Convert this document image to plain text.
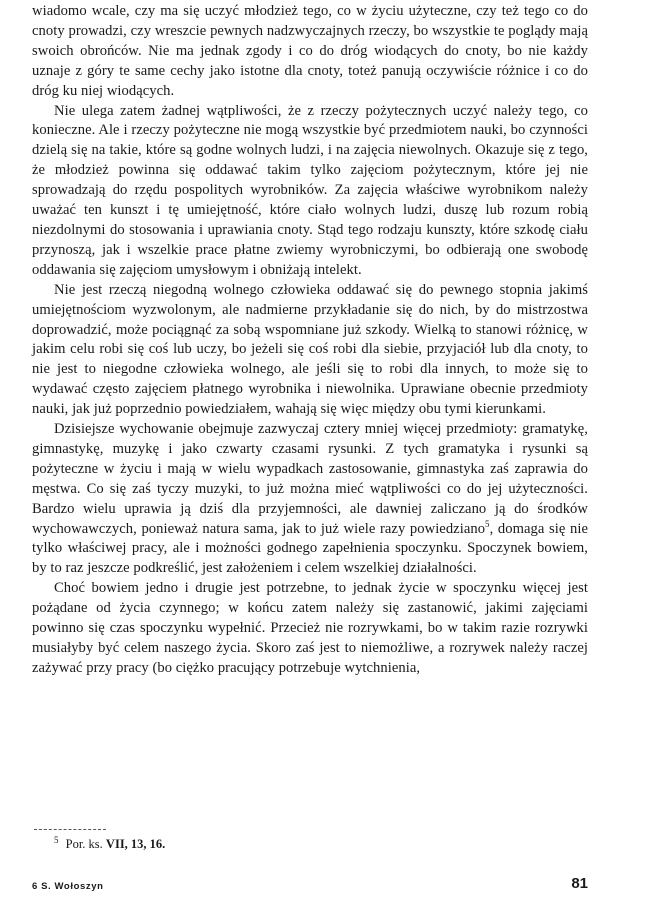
wiadomo wcale, czy ma się uczyć młodzież tego, co w życiu użyteczne, czy też tego co do cnoty prowadzi, czy wreszcie pewnych nadzwyczajnych rzeczy, bo wszystkie te poglądy mają swoich obrońców. Nie ma jednak zgody i co do dróg wiodących do cnoty, bo nie każdy uznaje z góry te same cechy jako istotne dla cnoty, toteż panują oczywiście różnice i co do dróg ku niej wiodących.

Nie ulega zatem żadnej wątpliwości, że z rzeczy pożytecznych uczyć należy tego, co konieczne. Ale i rzeczy pożyteczne nie mogą wszystkie być przedmiotem nauki, bo czynności dzielą się na takie, które są godne wolnych ludzi, i na zajęcia niewolnych. Okazuje się z tego, że młodzież powinna się oddawać takim tylko zajęciom pożytecznym, które jej nie sprowadzają do rzędu pospolitych wyrobników. Za zajęcia właściwe wyrobnikom należy uważać ten kunszt i tę umiejętność, które ciało wolnych ludzi, duszę lub rozum robią niezdolnymi do stosowania i uprawiania cnoty. Stąd tego rodzaju kunszty, które szkodę ciału przynoszą, jak i wszelkie prace płatne zwiemy wyrobniczymi, bo odbierają one swobodę oddawania się zajęciom umysłowym i obniżają intelekt.

Nie jest rzeczą niegodną wolnego człowieka oddawać się do pewnego stopnia jakimś umiejętnościom wyzwolonym, ale nadmierne przykładanie się do nich, by do mistrzostwa doprowadzić, może pociągnąć za sobą wspomniane już szkody. Wielką to stanowi różnicę, w jakim celu robi się coś lub uczy, bo jeżeli się coś robi dla siebie, przyjaciół lub dla cnoty, to nie jest to niegodne człowieka wolnego, ale jeśli się to robi dla innych, to może się to wydawać często zajęciem płatnego wyrobnika i niewolnika. Uprawiane obecnie przedmioty nauki, jak już poprzednio powiedziałem, wahają się więc między obu tymi kierunkami.

Dzisiejsze wychowanie obejmuje zazwyczaj cztery mniej więcej przedmioty: gramatykę, gimnastykę, muzykę i jako czwarty czasami rysunki. Z tych gramatyka i rysunki są pożyteczne w życiu i mają w wielu wypadkach zastosowanie, gimnastyka zaś zaprawia do męstwa. Co się zaś tyczy muzyki, to już można mieć wątpliwości co do jej użyteczności. Bardzo wielu uprawia ją dziś dla przyjemności, ale dawniej zaliczano ją do środków wychowawczych, ponieważ natura sama, jak to już wiele razy powiedziano$^5$, domaga się nie tylko właściwej pracy, ale i możności godnego zapełnienia spoczynku. Spoczynek bowiem, by to raz jeszcze podkreślić, jest założeniem i celem wszelkiej działalności.

Choć bowiem jedno i drugie jest potrzebne, to jednak życie w spoczynku więcej jest pożądane od życia czynnego; w końcu zatem należy się zastanowić, jakimi zajęciami powinno się czas spoczynku wypełnić. Przecież nie rozrywkami, bo w takim razie rozrywki musiałyby być celem naszego życia. Skoro zaś jest to niemożliwe, a rozrywek należy raczej zażywać przy pracy (bo ciężko pracujący potrzebuje wytchnienia,

$^5$ Por. ks. VII, 13, 16.
6 S. Wołoszyn	81
